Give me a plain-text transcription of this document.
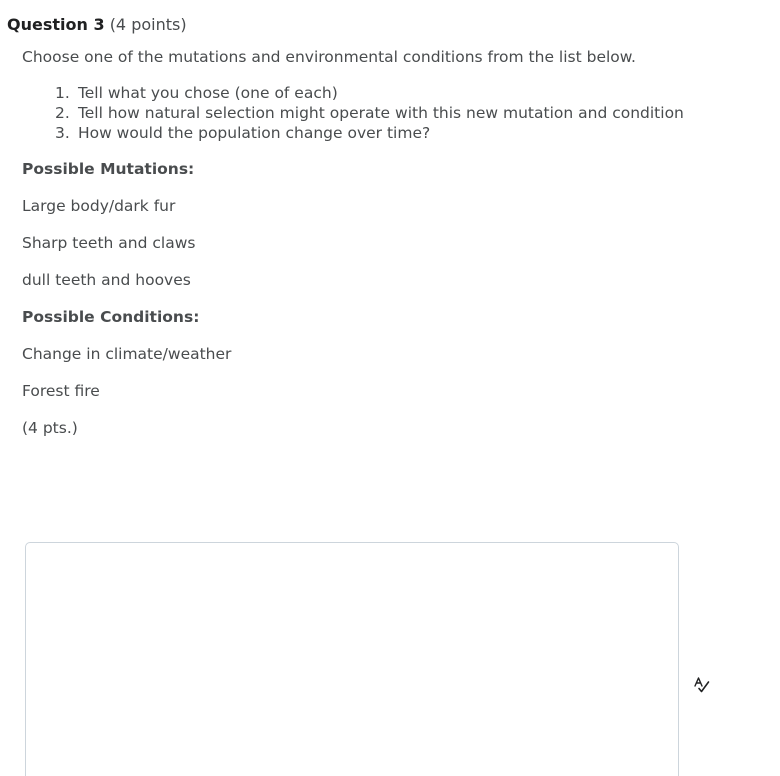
Question 3 (4 points)

Choose one of the mutations and environmental conditions from the list below.

1. Tell what you chose (one of each)
2. Tell how natural selection might operate with this new mutation and condition
3. How would the population change over time?

Possible Mutations:

Large body/dark fur

Sharp teeth and claws

dull teeth and hooves

Possible Conditions:

Change in climate/weather

Forest fire

(4 pts.)
